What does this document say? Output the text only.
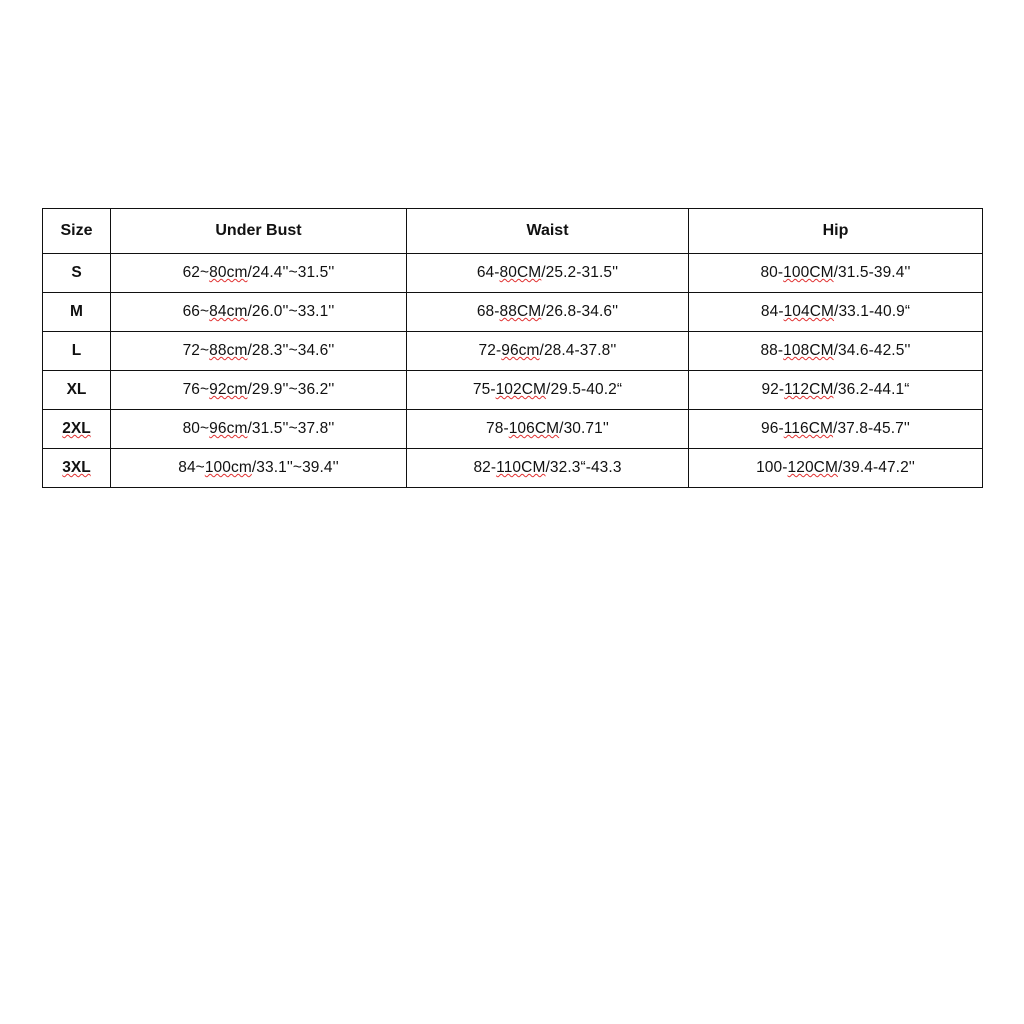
Size	Under Bust	Waist	Hip
S	62~80cm/24.4''~31.5''	64-80CM/25.2-31.5''	80-100CM/31.5-39.4''
M	66~84cm/26.0''~33.1''	68-88CM/26.8-34.6''	84-104CM/33.1-40.9“
L	72~88cm/28.3''~34.6''	72-96cm/28.4-37.8''	88-108CM/34.6-42.5''
XL	76~92cm/29.9''~36.2''	75-102CM/29.5-40.2“	92-112CM/36.2-44.1“
2XL	80~96cm/31.5''~37.8''	78-106CM/30.71''	96-116CM/37.8-45.7''
3XL	84~100cm/33.1''~39.4''	82-110CM/32.3“-43.3	100-120CM/39.4-47.2''
